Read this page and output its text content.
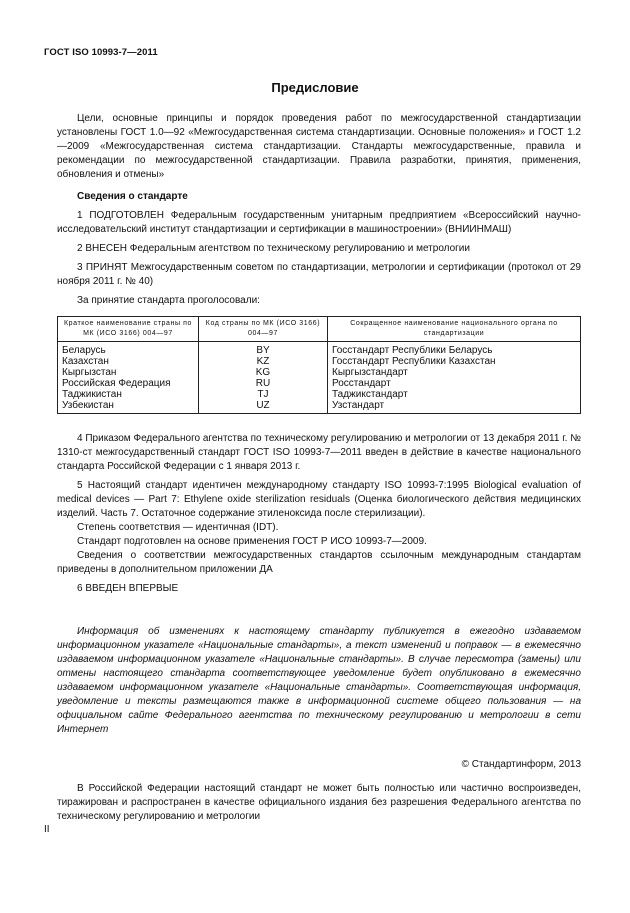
ГОСТ ISO 10993-7—2011
Предисловие

Цели, основные принципы и порядок проведения работ по межгосударственной стандартизации установлены ГОСТ 1.0—92 «Межгосударственная система стандартизации. Основные положения» и ГОСТ 1.2—2009 «Межгосударственная система стандартизации. Стандарты межгосударственные, правила и рекомендации по межгосударственной стандартизации. Правила разработки, принятия, применения, обновления и отмены»

Сведения о стандарте

1 ПОДГОТОВЛЕН Федеральным государственным унитарным предприятием «Всероссийский научно-исследовательский институт стандартизации и сертификации в машиностроении» (ВНИИНМАШ)

2 ВНЕСЕН Федеральным агентством по техническому регулированию и метрологии

3 ПРИНЯТ Межгосударственным советом по стандартизации, метрологии и сертификации (протокол от 29 ноября 2011 г. № 40)

За принятие стандарта проголосовали:

Краткое наименование страны по МК (ИСО 3166) 004—97	Код страны по МК (ИСО 3166) 004—97	Сокращенное наименование национального органа по стандартизации
Беларусь	BY	Госстандарт Республики Беларусь
Казахстан	KZ	Госстандарт Республики Казахстан
Кыргызстан	KG	Кыргызстандарт
Российская Федерация	RU	Росстандарт
Таджикистан	TJ	Таджикстандарт
Узбекистан	UZ	Узстандарт

4 Приказом Федерального агентства по техническому регулированию и метрологии от 13 декабря 2011 г. № 1310-ст межгосударственный стандарт ГОСТ ISO 10993-7—2011 введен в действие в качестве национального стандарта Российской Федерации с 1 января 2013 г.

5 Настоящий стандарт идентичен международному стандарту ISO 10993-7:1995 Biological evaluation of medical devices — Part 7: Ethylene oxide sterilization residuals (Оценка биологического действия медицинских изделий. Часть 7. Остаточное содержание этиленоксида после стерилизации).

Степень соответствия — идентичная (IDT).

Стандарт подготовлен на основе применения ГОСТ Р ИСО 10993-7—2009.

Сведения о соответствии межгосударственных стандартов ссылочным международным стандартам приведены в дополнительном приложении ДА

6 ВВЕДЕН ВПЕРВЫЕ

Информация об изменениях к настоящему стандарту публикуется в ежегодно издаваемом информационном указателе «Национальные стандарты», а текст изменений и поправок — в ежемесячно издаваемом информационном указателе «Национальные стандарты». В случае пересмотра (замены) или отмены настоящего стандарта соответствующее уведомление будет опубликовано в ежемесячно издаваемом информационном указателе «Национальные стандарты». Соответствующая информация, уведомление и тексты размещаются также в информационной системе общего пользования — на официальном сайте Федерального агентства по техническому регулированию и метрологии в сети Интернет

© Стандартинформ, 2013

В Российской Федерации настоящий стандарт не может быть полностью или частично воспроизведен, тиражирован и распространен в качестве официального издания без разрешения Федерального агентства по техническому регулированию и метрологии

II
